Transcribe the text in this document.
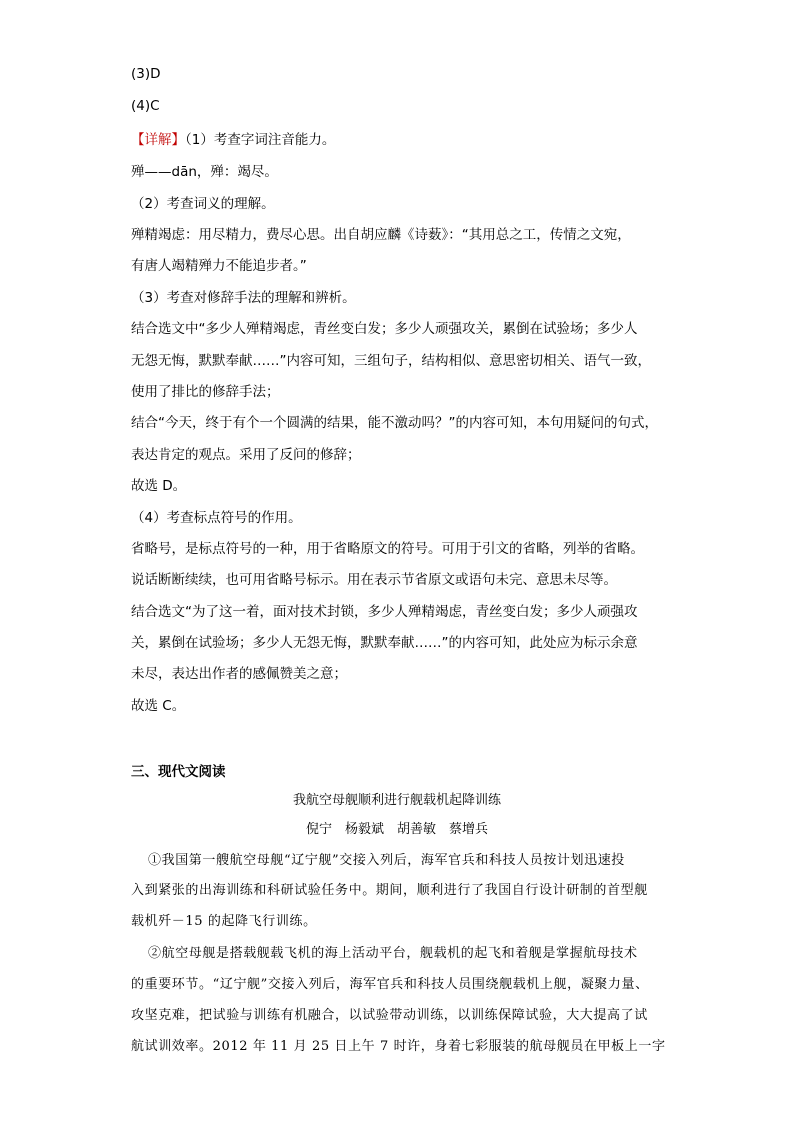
(3)D
(4)C
【详解】（1）考查字词注音能力。
殚——dān，殚：竭尽。
（2）考查词义的理解。
殚精竭虑：用尽精力，费尽心思。出自胡应麟《诗薮》：“其用总之工，传情之文宛，
有唐人竭精殚力不能追步者。”
（3）考查对修辞手法的理解和辨析。
结合选文中“多少人殚精竭虑，青丝变白发；多少人顽强攻关，累倒在试验场；多少人
无怨无悔，默默奉献……”内容可知，三组句子，结构相似、意思密切相关、语气一致，
使用了排比的修辞手法；
结合“今天，终于有个一个圆满的结果，能不激动吗？”的内容可知，本句用疑问的句式，
表达肯定的观点。采用了反问的修辞；
故选 D。
（4）考查标点符号的作用。
省略号，是标点符号的一种，用于省略原文的符号。可用于引文的省略，列举的省略。
说话断断续续，也可用省略号标示。用在表示节省原文或语句未完、意思未尽等。
结合选文“为了这一着，面对技术封锁，多少人殚精竭虑，青丝变白发；多少人顽强攻
关，累倒在试验场；多少人无怨无悔，默默奉献……”的内容可知，此处应为标示余意
未尽，表达出作者的感佩赞美之意；
故选 C。
三、现代文阅读
我航空母舰顺利进行舰载机起降训练
倪宁　杨毅斌　胡善敏　蔡增兵
①我国第一艘航空母舰“辽宁舰”交接入列后，海军官兵和科技人员按计划迅速投
入到紧张的出海训练和科研试验任务中。期间，顺利进行了我国自行设计研制的首型舰
载机歼－15 的起降飞行训练。
②航空母舰是搭载舰载飞机的海上活动平台，舰载机的起飞和着舰是掌握航母技术
的重要环节。“辽宁舰”交接入列后，海军官兵和科技人员围绕舰载机上舰，凝聚力量、
攻坚克难，把试验与训练有机融合，以试验带动训练，以训练保障试验，大大提高了试
航试训效率。2012 年 11 月 25 日上午 7 时许，身着七彩服装的航母舰员在甲板上一字
